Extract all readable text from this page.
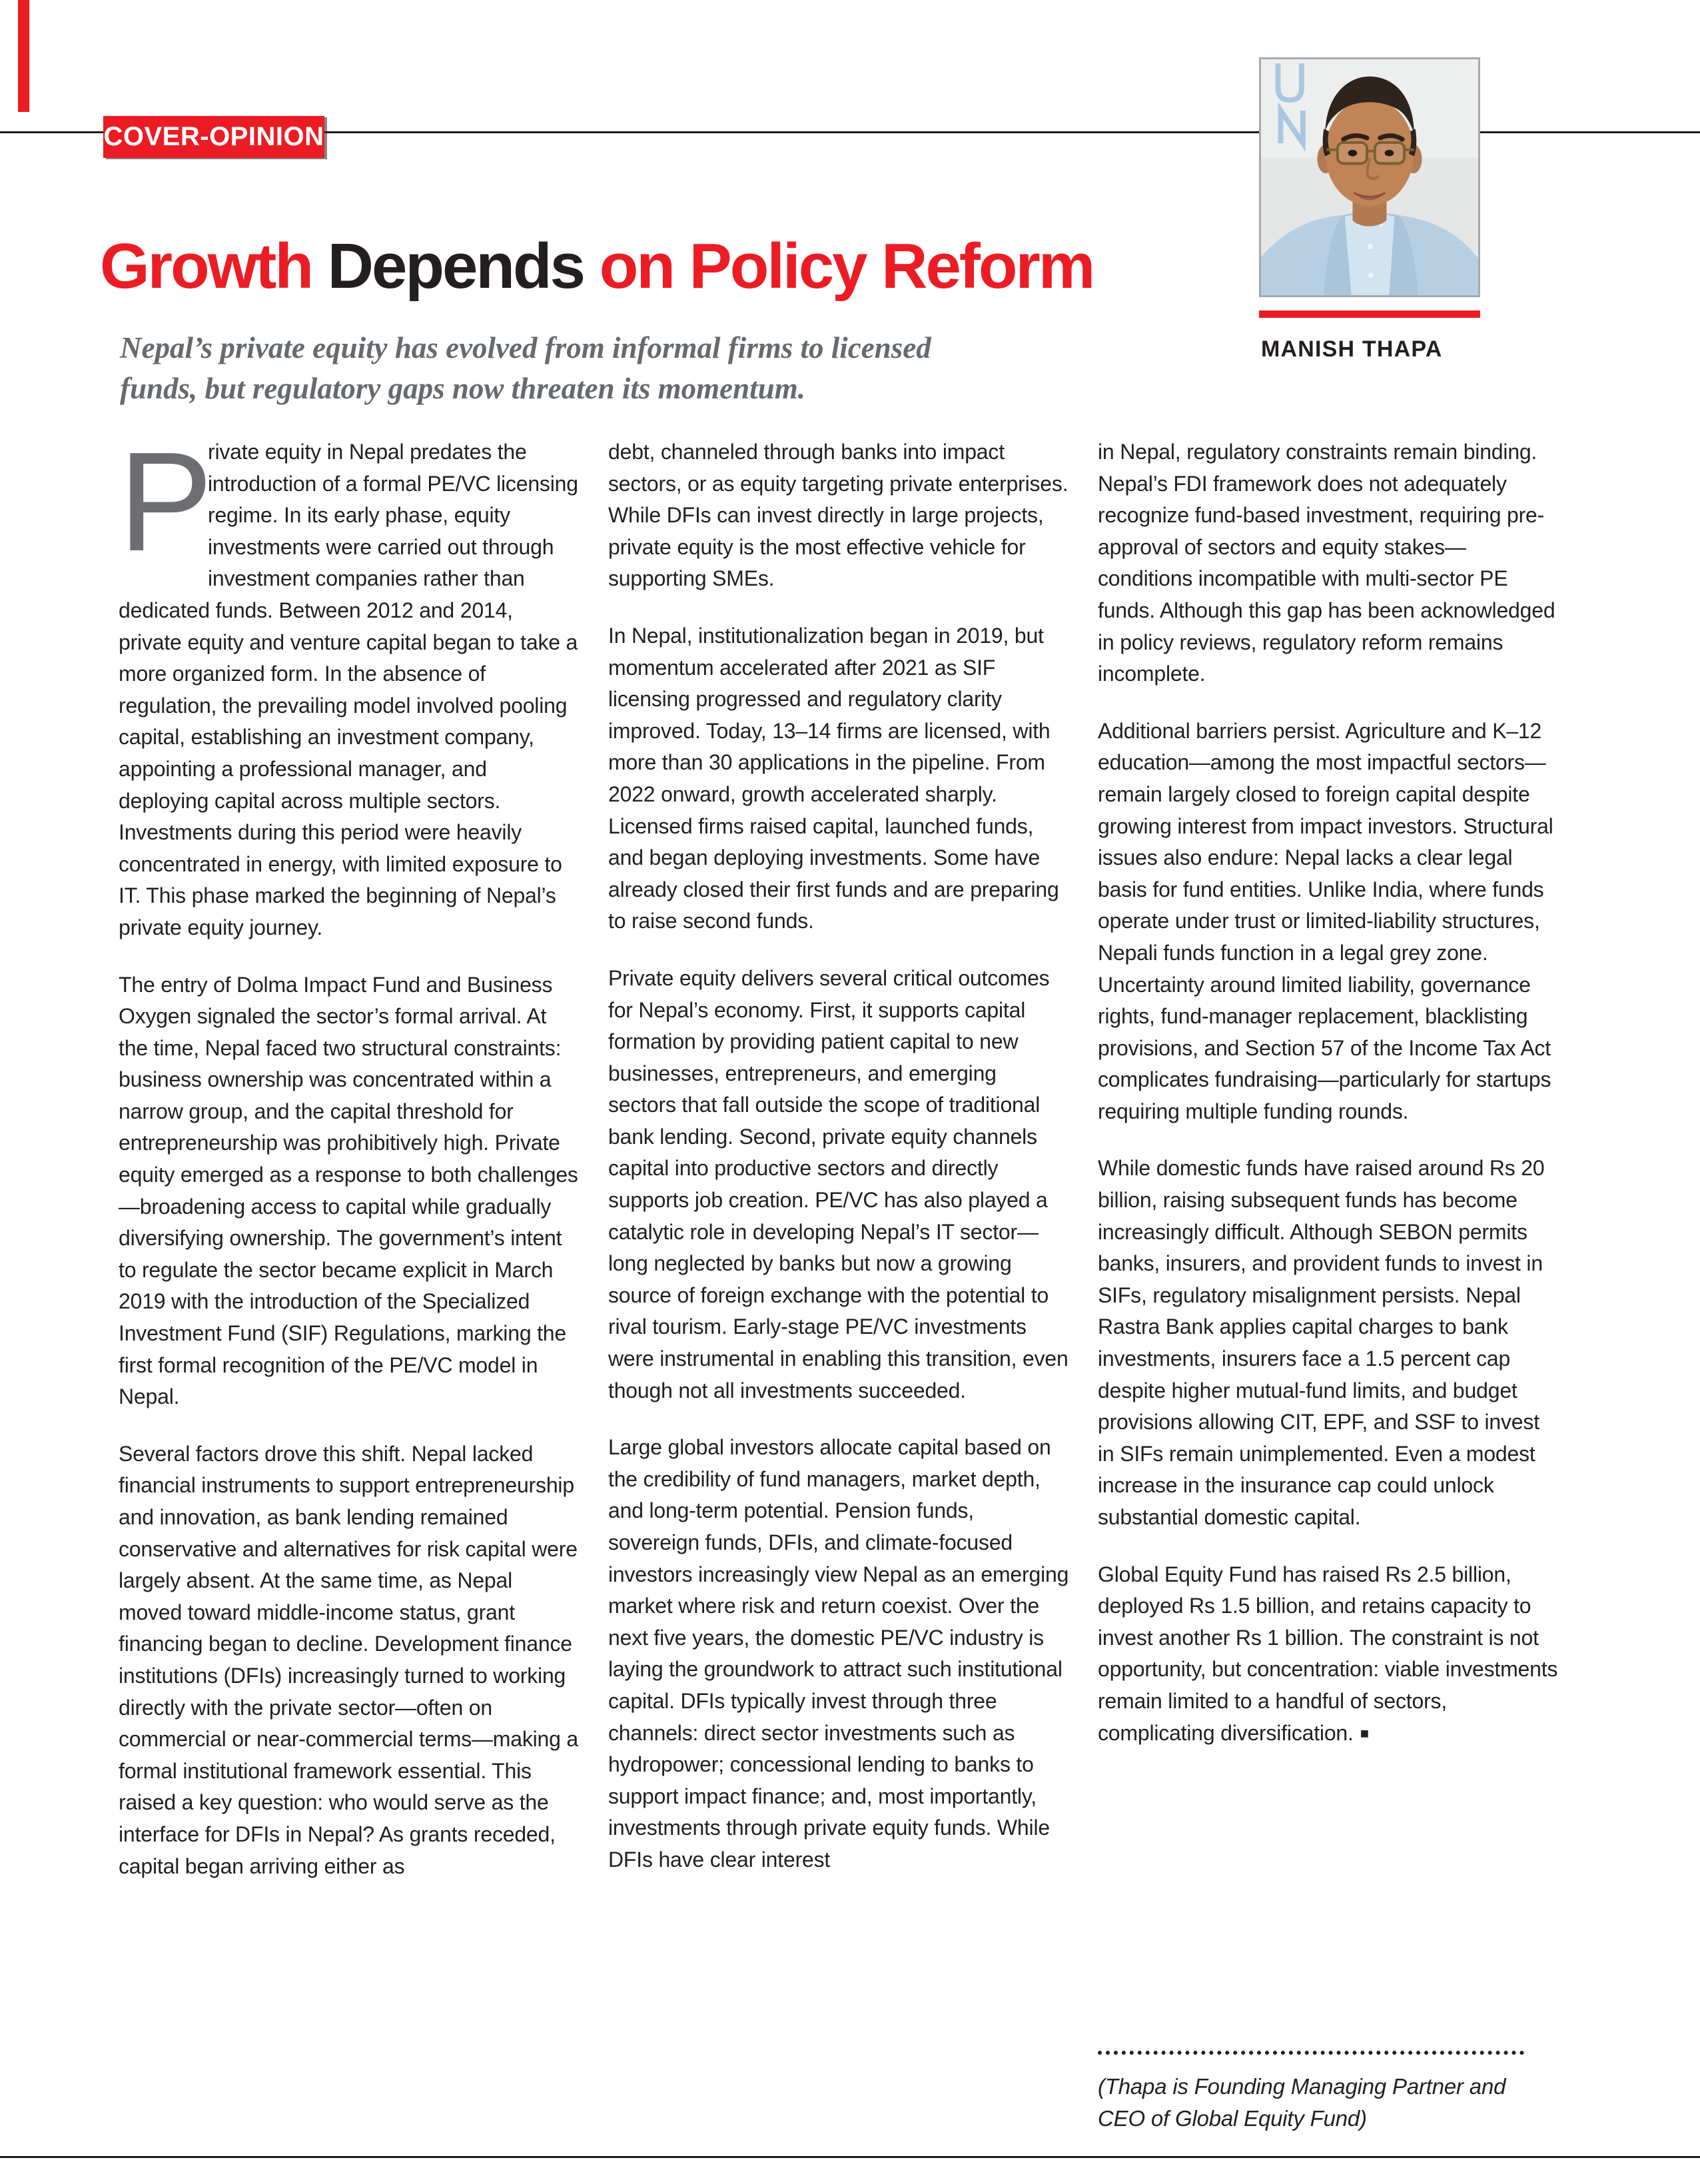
COVER-OPINION
Growth Depends on Policy Reform
Nepal’s private equity has evolved from informal firms to licensed
funds, but regulatory gaps now threaten its momentum.
MANISH THAPA

P
rivate equity in Nepal predates the introduction of a formal PE/VC licensing regime. In its early phase, equity investments were carried out through investment companies rather than dedicated funds. Between 2012 and 2014, private equity and venture capital began to take a more organized form. In the absence of regulation, the prevailing model involved pooling capital, establishing an investment company, appointing a professional manager, and deploying capital across multiple sectors. Investments during this period were heavily concentrated in energy, with limited exposure to IT. This phase marked the beginning of Nepal’s private equity journey.

The entry of Dolma Impact Fund and Business Oxygen signaled the sector’s formal arrival. At the time, Nepal faced two structural constraints: business ownership was concentrated within a narrow group, and the capital threshold for entrepreneurship was prohibitively high. Private equity emerged as a response to both challenges—broadening access to capital while gradually diversifying ownership. The government’s intent to regulate the sector became explicit in March 2019 with the introduction of the Specialized Investment Fund (SIF) Regulations, marking the first formal recognition of the PE/VC model in Nepal.

Several factors drove this shift. Nepal lacked financial instruments to support entrepreneurship and innovation, as bank lending remained conservative and alternatives for risk capital were largely absent. At the same time, as Nepal moved toward middle-income status, grant financing began to decline. Development finance institutions (DFIs) increasingly turned to working directly with the private sector—often on commercial or near-commercial terms—making a formal institutional framework essential. This raised a key question: who would serve as the interface for DFIs in Nepal? As grants receded, capital began arriving either as

debt, channeled through banks into impact sectors, or as equity targeting private enterprises. While DFIs can invest directly in large projects, private equity is the most effective vehicle for supporting SMEs.

In Nepal, institutionalization began in 2019, but momentum accelerated after 2021 as SIF licensing progressed and regulatory clarity improved. Today, 13–14 firms are licensed, with more than 30 applications in the pipeline. From 2022 onward, growth accelerated sharply. Licensed firms raised capital, launched funds, and began deploying investments. Some have already closed their first funds and are preparing to raise second funds.

Private equity delivers several critical outcomes for Nepal’s economy. First, it supports capital formation by providing patient capital to new businesses, entrepreneurs, and emerging sectors that fall outside the scope of traditional bank lending. Second, private equity channels capital into productive sectors and directly supports job creation. PE/VC has also played a catalytic role in developing Nepal’s IT sector—long neglected by banks but now a growing source of foreign exchange with the potential to rival tourism. Early-stage PE/VC investments were instrumental in enabling this transition, even though not all investments succeeded.

Large global investors allocate capital based on the credibility of fund managers, market depth, and long-term potential. Pension funds, sovereign funds, DFIs, and climate-focused investors increasingly view Nepal as an emerging market where risk and return coexist. Over the next five years, the domestic PE/VC industry is laying the groundwork to attract such institutional capital. DFIs typically invest through three channels: direct sector investments such as hydropower; concessional lending to banks to support impact finance; and, most importantly, investments through private equity funds. While DFIs have clear interest

in Nepal, regulatory constraints remain binding. Nepal’s FDI framework does not adequately recognize fund-based investment, requiring pre-approval of sectors and equity stakes—conditions incompatible with multi-sector PE funds. Although this gap has been acknowledged in policy reviews, regulatory reform remains incomplete.

Additional barriers persist. Agriculture and K–12 education—among the most impactful sectors—remain largely closed to foreign capital despite growing interest from impact investors. Structural issues also endure: Nepal lacks a clear legal basis for fund entities. Unlike India, where funds operate under trust or limited-liability structures, Nepali funds function in a legal grey zone. Uncertainty around limited liability, governance rights, fund-manager replacement, blacklisting provisions, and Section 57 of the Income Tax Act complicates fundraising—particularly for startups requiring multiple funding rounds.

While domestic funds have raised around Rs 20 billion, raising subsequent funds has become increasingly difficult. Although SEBON permits banks, insurers, and provident funds to invest in SIFs, regulatory misalignment persists. Nepal Rastra Bank applies capital charges to bank investments, insurers face a 1.5 percent cap despite higher mutual-fund limits, and budget provisions allowing CIT, EPF, and SSF to invest in SIFs remain unimplemented. Even a modest increase in the insurance cap could unlock substantial domestic capital.

Global Equity Fund has raised Rs 2.5 billion, deployed Rs 1.5 billion, and retains capacity to invest another Rs 1 billion. The constraint is not opportunity, but concentration: viable investments remain limited to a handful of sectors, complicating diversification. ■

(Thapa is Founding Managing Partner and CEO of Global Equity Fund)
